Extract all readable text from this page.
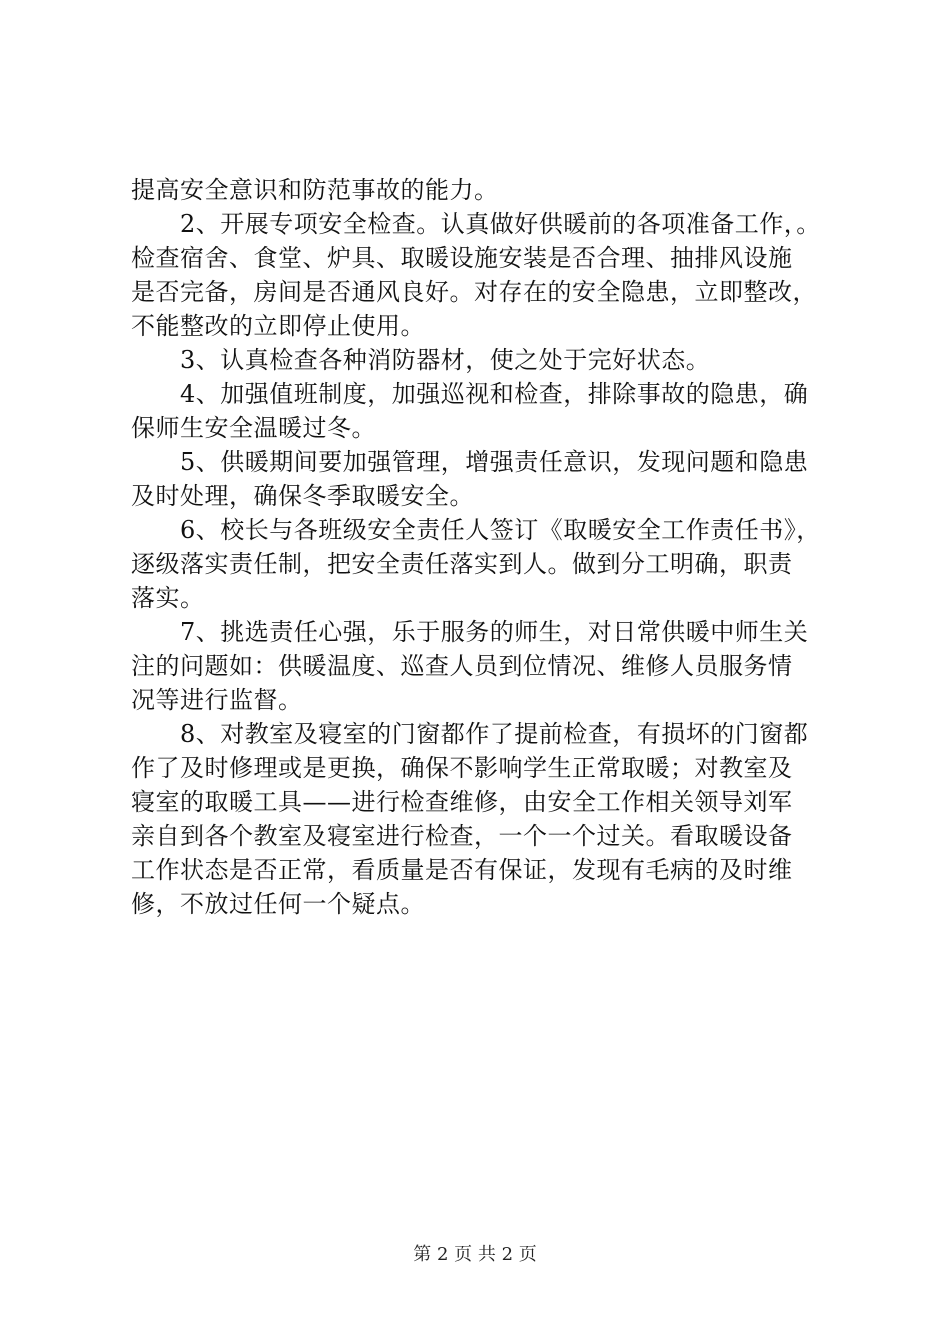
提高安全意识和防范事故的能力。
　　2、开展专项安全检查。认真做好供暖前的各项准备工作，。
检查宿舍、食堂、炉具、取暖设施安装是否合理、抽排风设施
是否完备，房间是否通风良好。对存在的安全隐患，立即整改，
不能整改的立即停止使用。
　　3、认真检查各种消防器材，使之处于完好状态。
　　4、加强值班制度，加强巡视和检查，排除事故的隐患，确
保师生安全温暖过冬。
　　5、供暖期间要加强管理，增强责任意识，发现问题和隐患
及时处理，确保冬季取暖安全。
　　6、校长与各班级安全责任人签订《取暖安全工作责任书》，
逐级落实责任制，把安全责任落实到人。做到分工明确，职责
落实。
　　7、挑选责任心强，乐于服务的师生，对日常供暖中师生关
注的问题如：供暖温度、巡查人员到位情况、维修人员服务情
况等进行监督。
　　8、对教室及寝室的门窗都作了提前检查，有损坏的门窗都
作了及时修理或是更换，确保不影响学生正常取暖；对教室及
寝室的取暖工具——进行检查维修，由安全工作相关领导刘军
亲自到各个教室及寝室进行检查，一个一个过关。看取暖设备
工作状态是否正常，看质量是否有保证，发现有毛病的及时维
修，不放过任何一个疑点。
第 2 页 共 2 页
